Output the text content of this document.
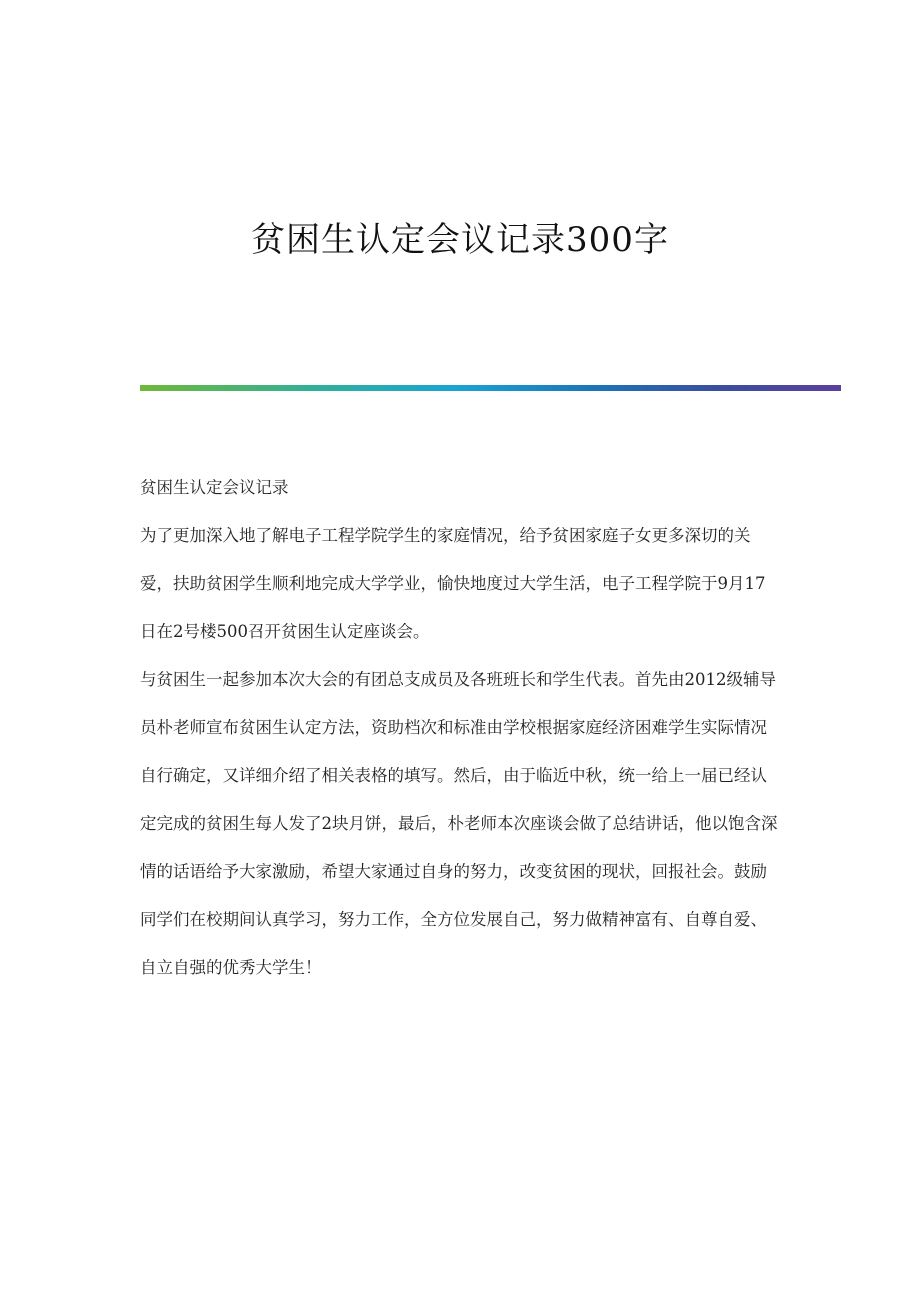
贫困生认定会议记录300字

贫困生认定会议记录

为了更加深入地了解电子工程学院学生的家庭情况，给予贫困家庭子女更多深切的关爱，扶助贫困学生顺利地完成大学学业，愉快地度过大学生活，电子工程学院于9月17日在2号楼500召开贫困生认定座谈会。

与贫困生一起参加本次大会的有团总支成员及各班班长和学生代表。首先由2012级辅导员朴老师宣布贫困生认定方法，资助档次和标准由学校根据家庭经济困难学生实际情况自行确定，又详细介绍了相关表格的填写。然后，由于临近中秋，统一给上一届已经认定完成的贫困生每人发了2块月饼，最后，朴老师本次座谈会做了总结讲话，他以饱含深情的话语给予大家激励，希望大家通过自身的努力，改变贫困的现状，回报社会。鼓励同学们在校期间认真学习，努力工作，全方位发展自己，努力做精神富有、自尊自爱、自立自强的优秀大学生！
